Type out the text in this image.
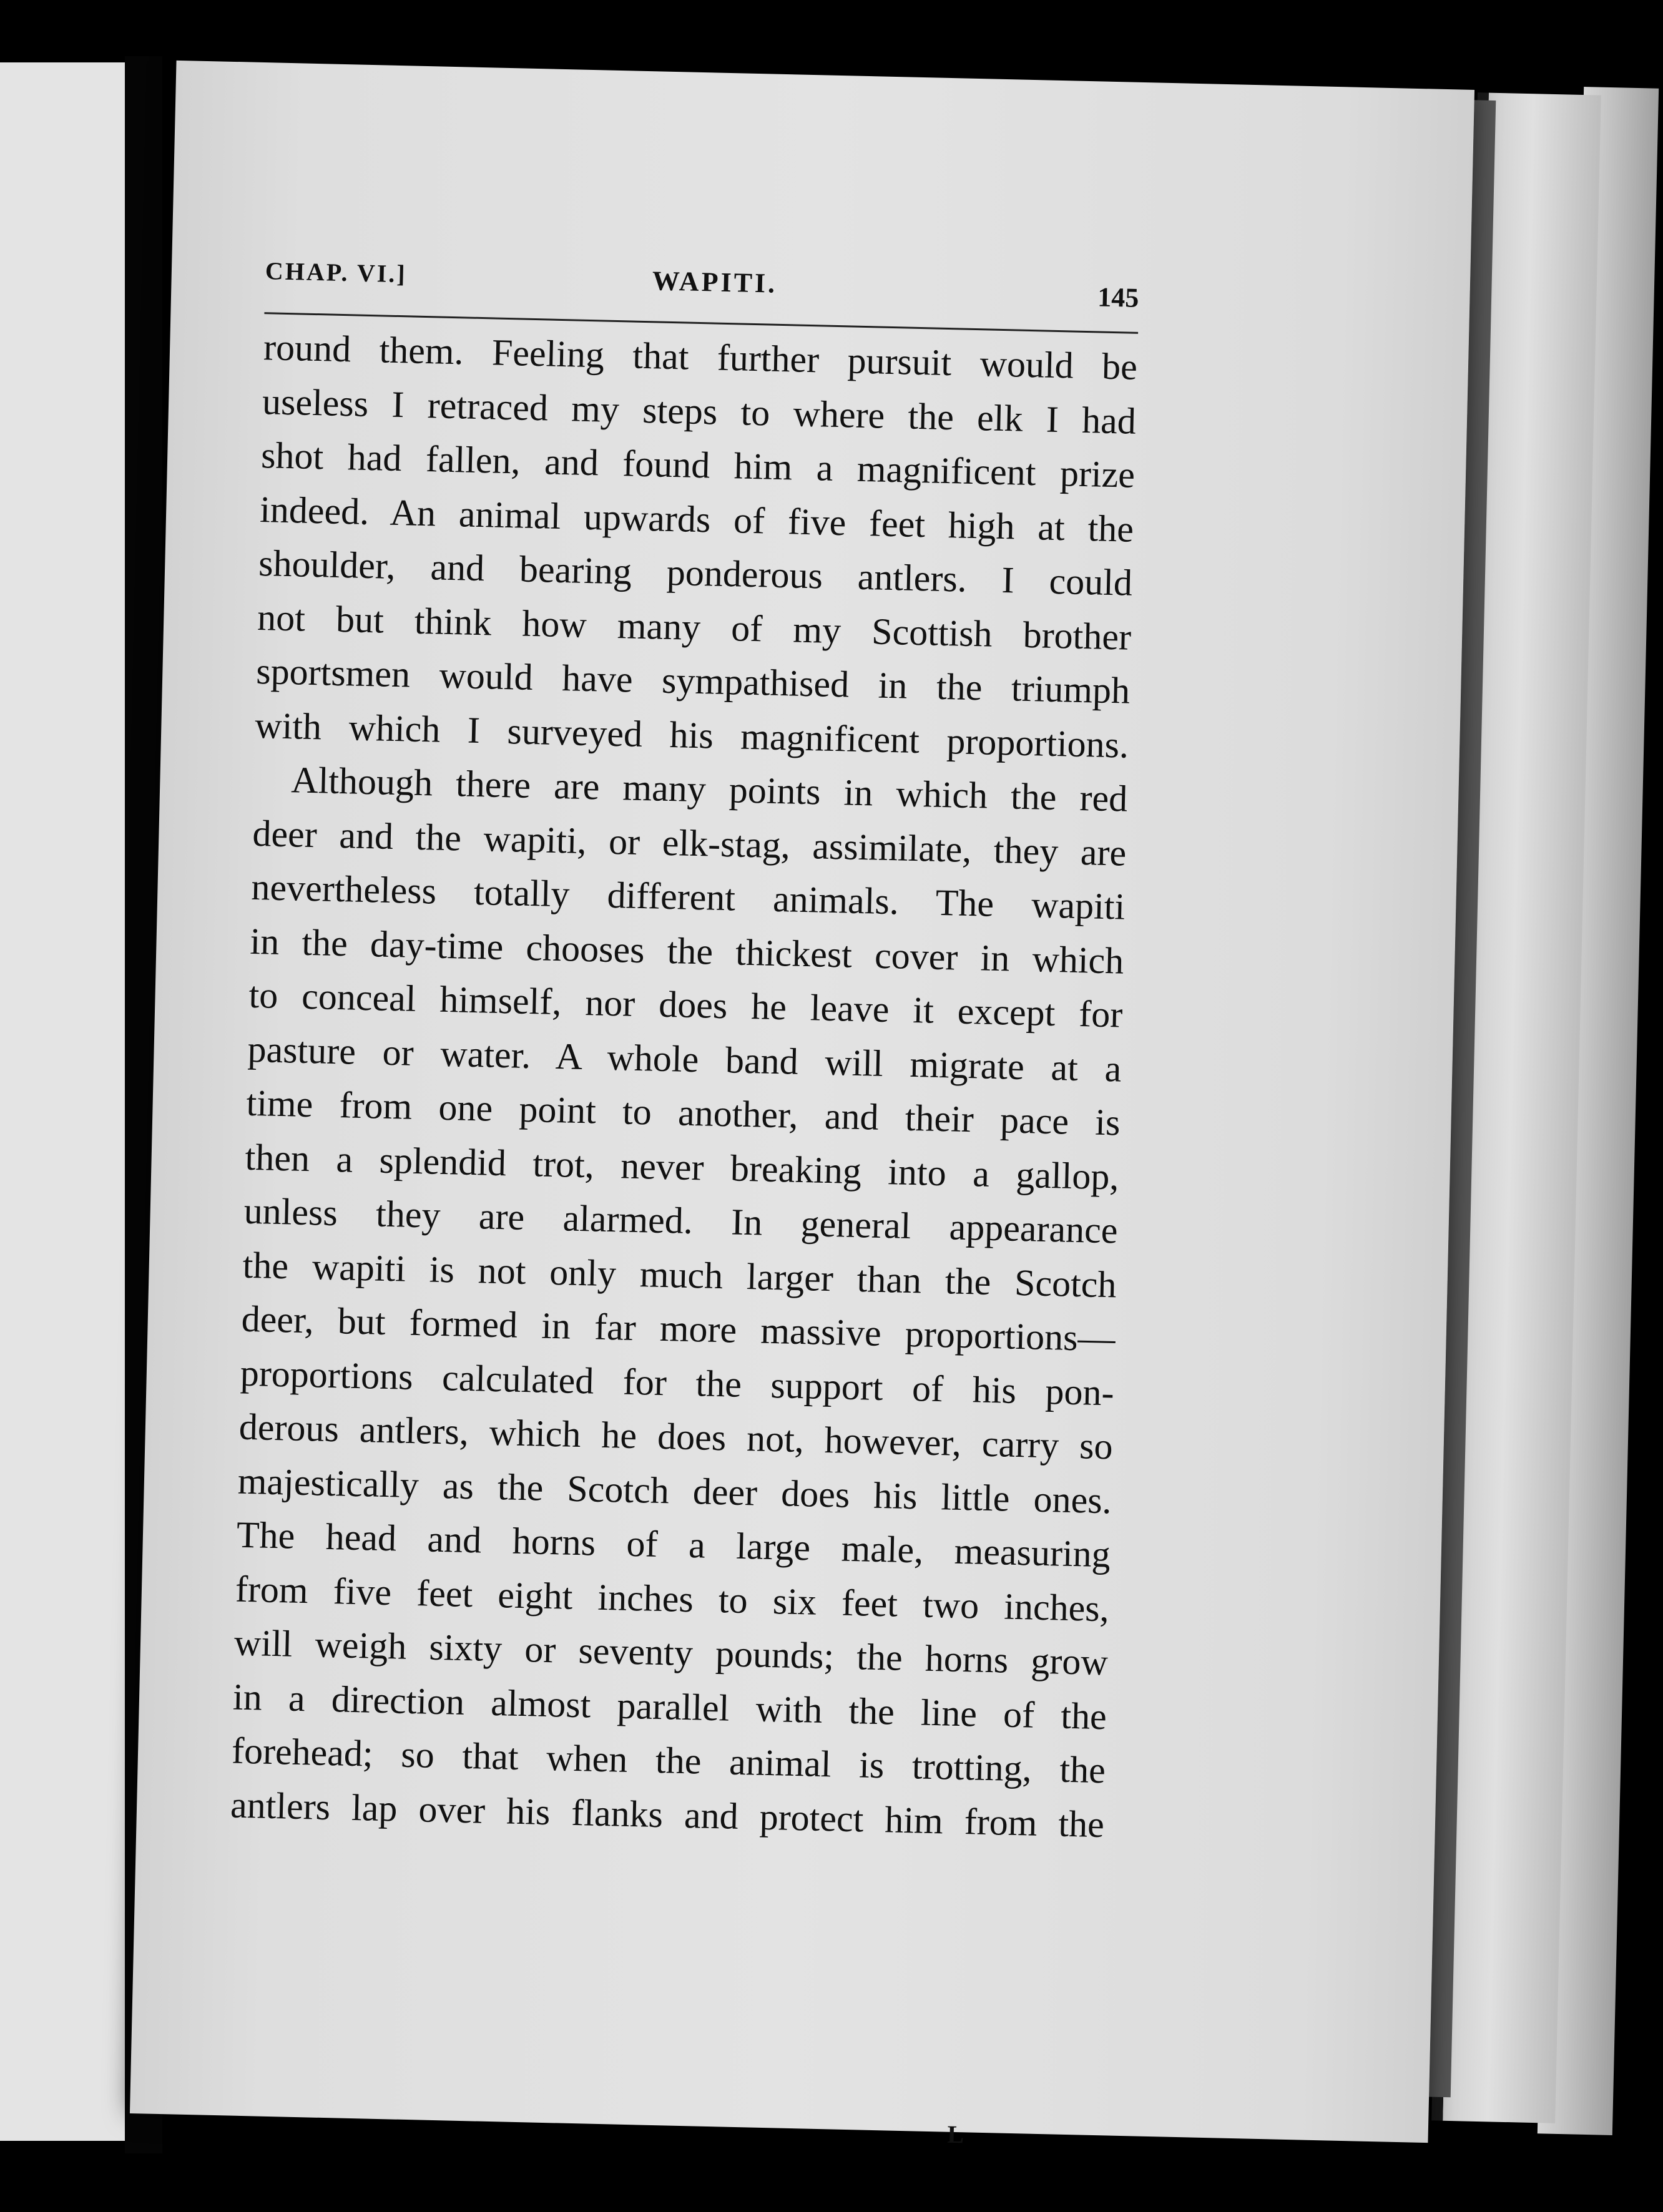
CHAP. VI.]	WAPITI.	145
round them. Feeling that further pursuit would be
useless I retraced my steps to where the elk I had
shot had fallen, and found him a magnificent prize
indeed. An animal upwards of five feet high at the
shoulder, and bearing ponderous antlers. I could
not but think how many of my Scottish brother
sportsmen would have sympathised in the triumph
with which I surveyed his magnificent proportions.
Although there are many points in which the red
deer and the wapiti, or elk-stag, assimilate, they are
nevertheless totally different animals. The wapiti
in the day-time chooses the thickest cover in which
to conceal himself, nor does he leave it except for
pasture or water. A whole band will migrate at a
time from one point to another, and their pace is
then a splendid trot, never breaking into a gallop,
unless they are alarmed. In general appearance
the wapiti is not only much larger than the Scotch
deer, but formed in far more massive proportions—
proportions calculated for the support of his pon-
derous antlers, which he does not, however, carry so
majestically as the Scotch deer does his little ones.
The head and horns of a large male, measuring
from five feet eight inches to six feet two inches,
will weigh sixty or seventy pounds; the horns grow
in a direction almost parallel with the line of the
forehead; so that when the animal is trotting, the
antlers lap over his flanks and protect him from the
L
